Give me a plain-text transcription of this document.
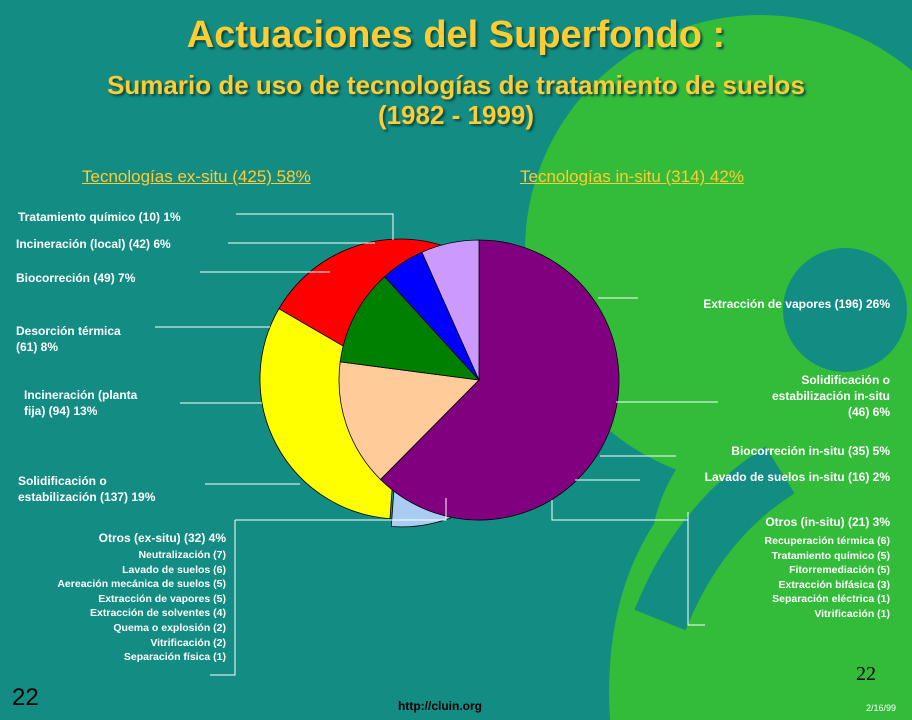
Actuaciones del Superfondo :
Sumario de uso de tecnologías de tratamiento de suelos
(1982 - 1999)
Tecnologías ex-situ (425) 58%	Tecnologías in-situ (314) 42%
Tratamiento químico (10) 1%
Incineración (local) (42) 6%
Biocorreción (49) 7%
Desorción térmica
(61) 8%
Incineración (planta
fija) (94) 13%
Solidificación o
estabilización (137) 19%
Otros (ex-situ) (32) 4%
Neutralización (7)
Lavado de suelos (6)
Aereación mecánica de suelos (5)
Extracción de vapores (5)
Extracción de solventes (4)
Quema o explosión (2)
Vitrificación (2)
Separación física (1)
Extracción de vapores (196) 26%
Solidificación o
estabilización in-situ
(46) 6%
Biocorreción in-situ (35) 5%
Lavado de suelos in-situ (16) 2%
Otros (in-situ) (21) 3%
Recuperación térmica (6)
Tratamiento químico (5)
Fitorremediación (5)
Extracción bifásica (3)
Separación eléctrica (1)
Vitrificación (1)
22	http://cluin.org	2/16/99
22
